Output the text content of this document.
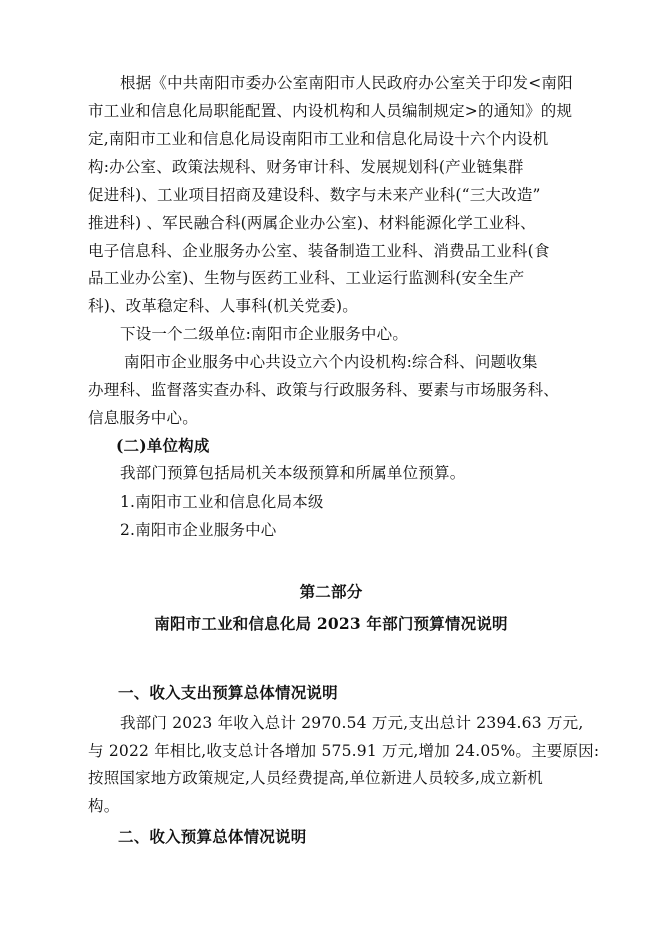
根据《中共南阳市委办公室南阳市人民政府办公室关于印发<南阳
市工业和信息化局职能配置、内设机构和人员编制规定>的通知》的规
定,南阳市工业和信息化局设南阳市工业和信息化局设十六个内设机
构:办公室、政策法规科、财务审计科、发展规划科(产业链集群
促进科)、工业项目招商及建设科、数字与未来产业科(“三大改造”
推进科) 、军民融合科(两属企业办公室)、材料能源化学工业科、
电子信息科、企业服务办公室、装备制造工业科、消费品工业科(食
品工业办公室)、生物与医药工业科、工业运行监测科(安全生产
科)、改革稳定科、人事科(机关党委)。
下设一个二级单位:南阳市企业服务中心。
南阳市企业服务中心共设立六个内设机构:综合科、问题收集
办理科、监督落实查办科、政策与行政服务科、要素与市场服务科、
信息服务中心。
(二)单位构成
我部门预算包括局机关本级预算和所属单位预算。
1.南阳市工业和信息化局本级
2.南阳市企业服务中心
第二部分
南阳市工业和信息化局 2023 年部门预算情况说明
一、收入支出预算总体情况说明
我部门 2023 年收入总计 2970.54 万元,支出总计 2394.63 万元,
与 2022 年相比,收支总计各增加 575.91 万元,增加 24.05%。主要原因:
按照国家地方政策规定,人员经费提高,单位新进人员较多,成立新机
构。
二、收入预算总体情况说明
